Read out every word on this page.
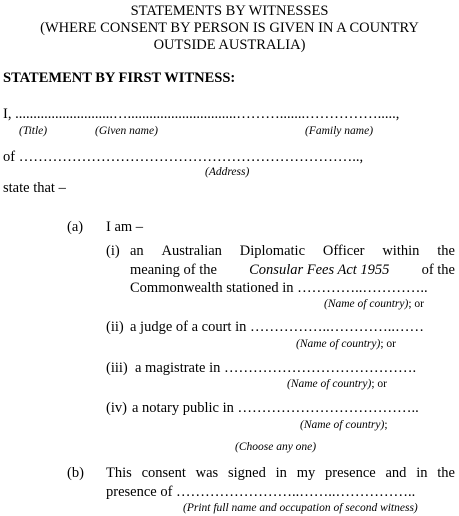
STATEMENTS BY WITNESSES
(WHERE CONSENT BY PERSON IS GIVEN IN A COUNTRY
OUTSIDE AUSTRALIA)
STATEMENT BY FIRST WITNESS:
I, ...........................…..............................……….......…………….....,
(Title)	(Given name)	(Family name)
of ……………………………………………………………..,
(Address)
state that –
(a) I am –
(i) an Australian Diplomatic Officer within the
meaning of the Consular Fees Act 1955 of the
Commonwealth stationed in …………..…………..
(Name of country); or
(ii) a judge of a court in ……………..…………..……
(Name of country); or
(iii) a magistrate in ………………………………….
(Name of country); or
(iv) a notary public in ………………………………..
(Name of country);
(Choose any one)
(b) This consent was signed in my presence and in the
presence of ……………………..……..……………..
(Print full name and occupation of second witness)
